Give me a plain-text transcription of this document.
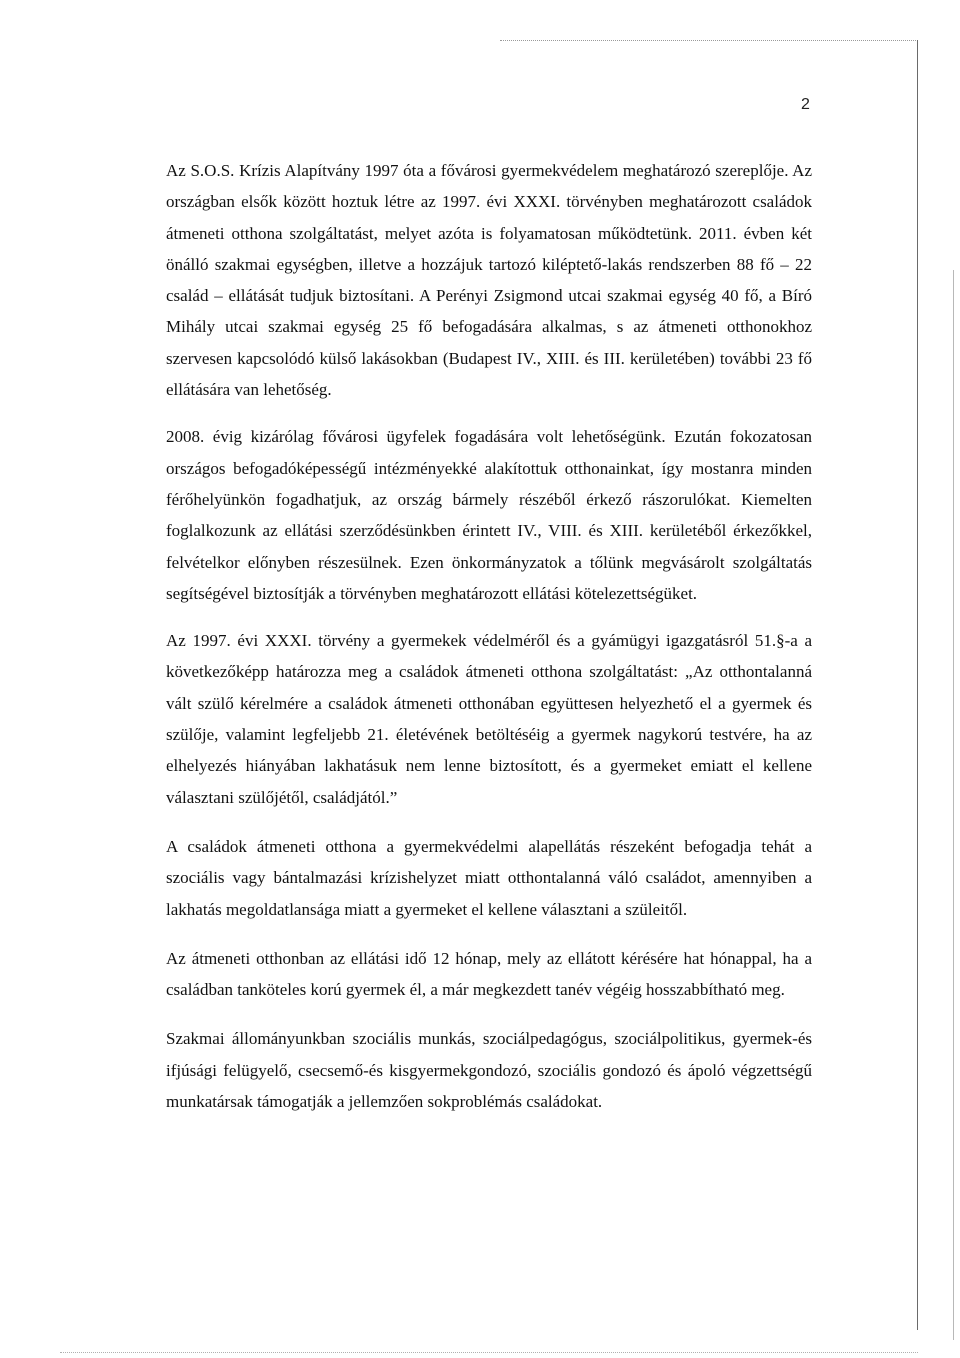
2

Az S.O.S. Krízis Alapítvány 1997 óta a fővárosi gyermekvédelem meghatározó szereplője. Az országban elsők között hoztuk létre az 1997. évi XXXI. törvényben meghatározott családok átmeneti otthona szolgáltatást, melyet azóta is folyamatosan működtetünk. 2011. évben két önálló szakmai egységben, illetve a hozzájuk tartozó kiléptető-lakás rendszerben 88 fő – 22 család – ellátását tudjuk biztosítani. A Perényi Zsigmond utcai szakmai egység 40 fő, a Bíró Mihály utcai szakmai egység 25 fő befogadására alkalmas, s az átmeneti otthonokhoz szervesen kapcsolódó külső lakásokban (Budapest IV., XIII. és III. kerületében) további 23 fő ellátására van lehetőség.

2008. évig kizárólag fővárosi ügyfelek fogadására volt lehetőségünk. Ezután fokozatosan országos befogadóképességű intézményekké alakítottuk otthonainkat, így mostanra minden férőhelyünkön fogadhatjuk, az ország bármely részéből érkező rászorulókat. Kiemelten foglalkozunk az ellátási szerződésünkben érintett IV., VIII. és XIII. kerületéből érkezőkkel, felvételkor előnyben részesülnek. Ezen önkormányzatok a tőlünk megvásárolt szolgáltatás segítségével biztosítják a törvényben meghatározott ellátási kötelezettségüket.

Az 1997. évi XXXI. törvény a gyermekek védelméről és a gyámügyi igazgatásról 51.§-a a következőképp határozza meg a családok átmeneti otthona szolgáltatást: „Az otthontalanná vált szülő kérelmére a családok átmeneti otthonában együttesen helyezhető el a gyermek és szülője, valamint legfeljebb 21. életévének betöltéséig a gyermek nagykorú testvére, ha az elhelyezés hiányában lakhatásuk nem lenne biztosított, és a gyermeket emiatt el kellene választani szülőjétől, családjától.”

A családok átmeneti otthona a gyermekvédelmi alapellátás részeként befogadja tehát a szociális vagy bántalmazási krízishelyzet miatt otthontalanná váló családot, amennyiben a lakhatás megoldatlansága miatt a gyermeket el kellene választani a szüleitől.

Az átmeneti otthonban az ellátási idő 12 hónap, mely az ellátott kérésére hat hónappal, ha a családban tanköteles korú gyermek él, a már megkezdett tanév végéig hosszabbítható meg.

Szakmai állományunkban szociális munkás, szociálpedagógus, szociálpolitikus, gyermek-és ifjúsági felügyelő, csecsemő-és kisgyermekgondozó, szociális gondozó és ápoló végzettségű munkatársak támogatják a jellemzően sokproblémás családokat.
